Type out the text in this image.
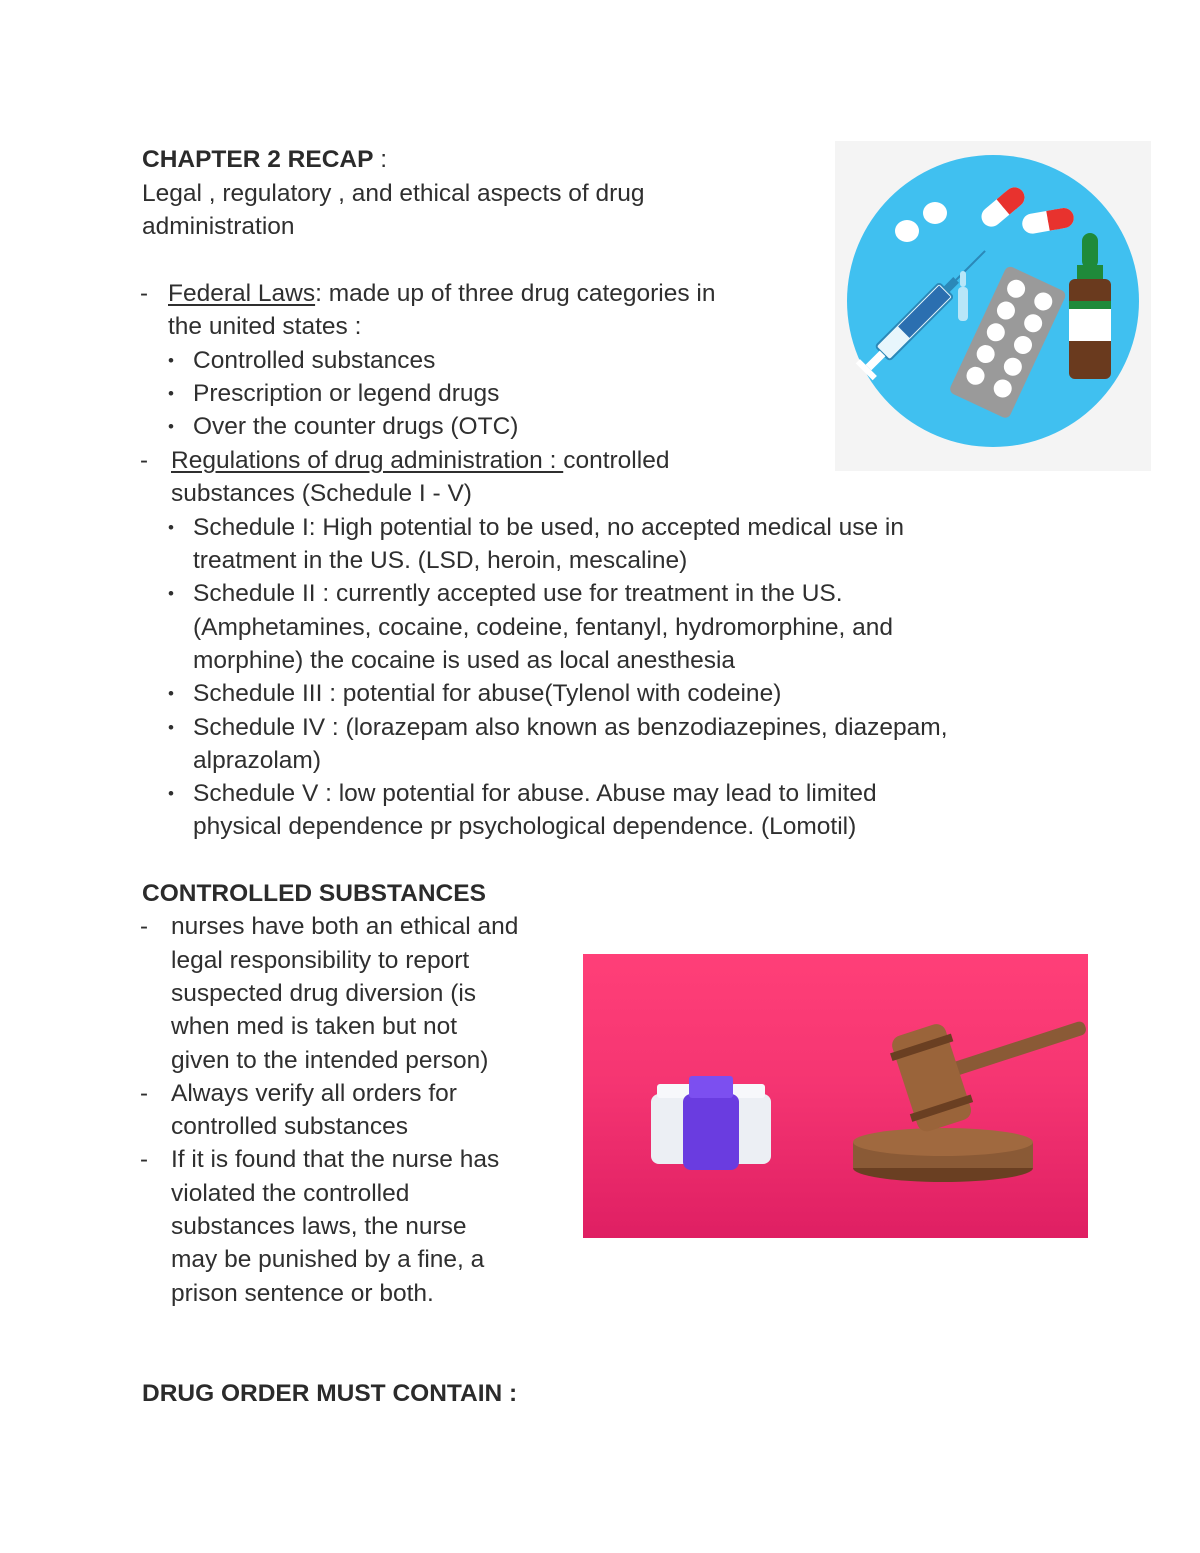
CHAPTER 2 RECAP :
Legal , regulatory , and ethical aspects of drug
administration
- Federal Laws: made up of three drug categories in
the united states :
• Controlled substances
• Prescription or legend drugs
• Over the counter drugs (OTC)
- Regulations of drug administration : controlled
substances (Schedule I - V)
• Schedule I: High potential to be used, no accepted medical use in
treatment in the US. (LSD, heroin, mescaline)
• Schedule II : currently accepted use for treatment in the US.
(Amphetamines, cocaine, codeine, fentanyl, hydromorphine, and
morphine) the cocaine is used as local anesthesia
• Schedule III : potential for abuse(Tylenol with codeine)
• Schedule IV : (lorazepam also known as benzodiazepines, diazepam,
alprazolam)
• Schedule V : low potential for abuse. Abuse may lead to limited
physical dependence pr psychological dependence. (Lomotil)
CONTROLLED SUBSTANCES
- nurses have both an ethical and
legal responsibility to report
suspected drug diversion (is
when med is taken but not
given to the intended person)
- Always verify all orders for
controlled substances
- If it is found that the nurse has
violated the controlled
substances laws, the nurse
may be punished by a fine, a
prison sentence or both.
DRUG ORDER MUST CONTAIN :
